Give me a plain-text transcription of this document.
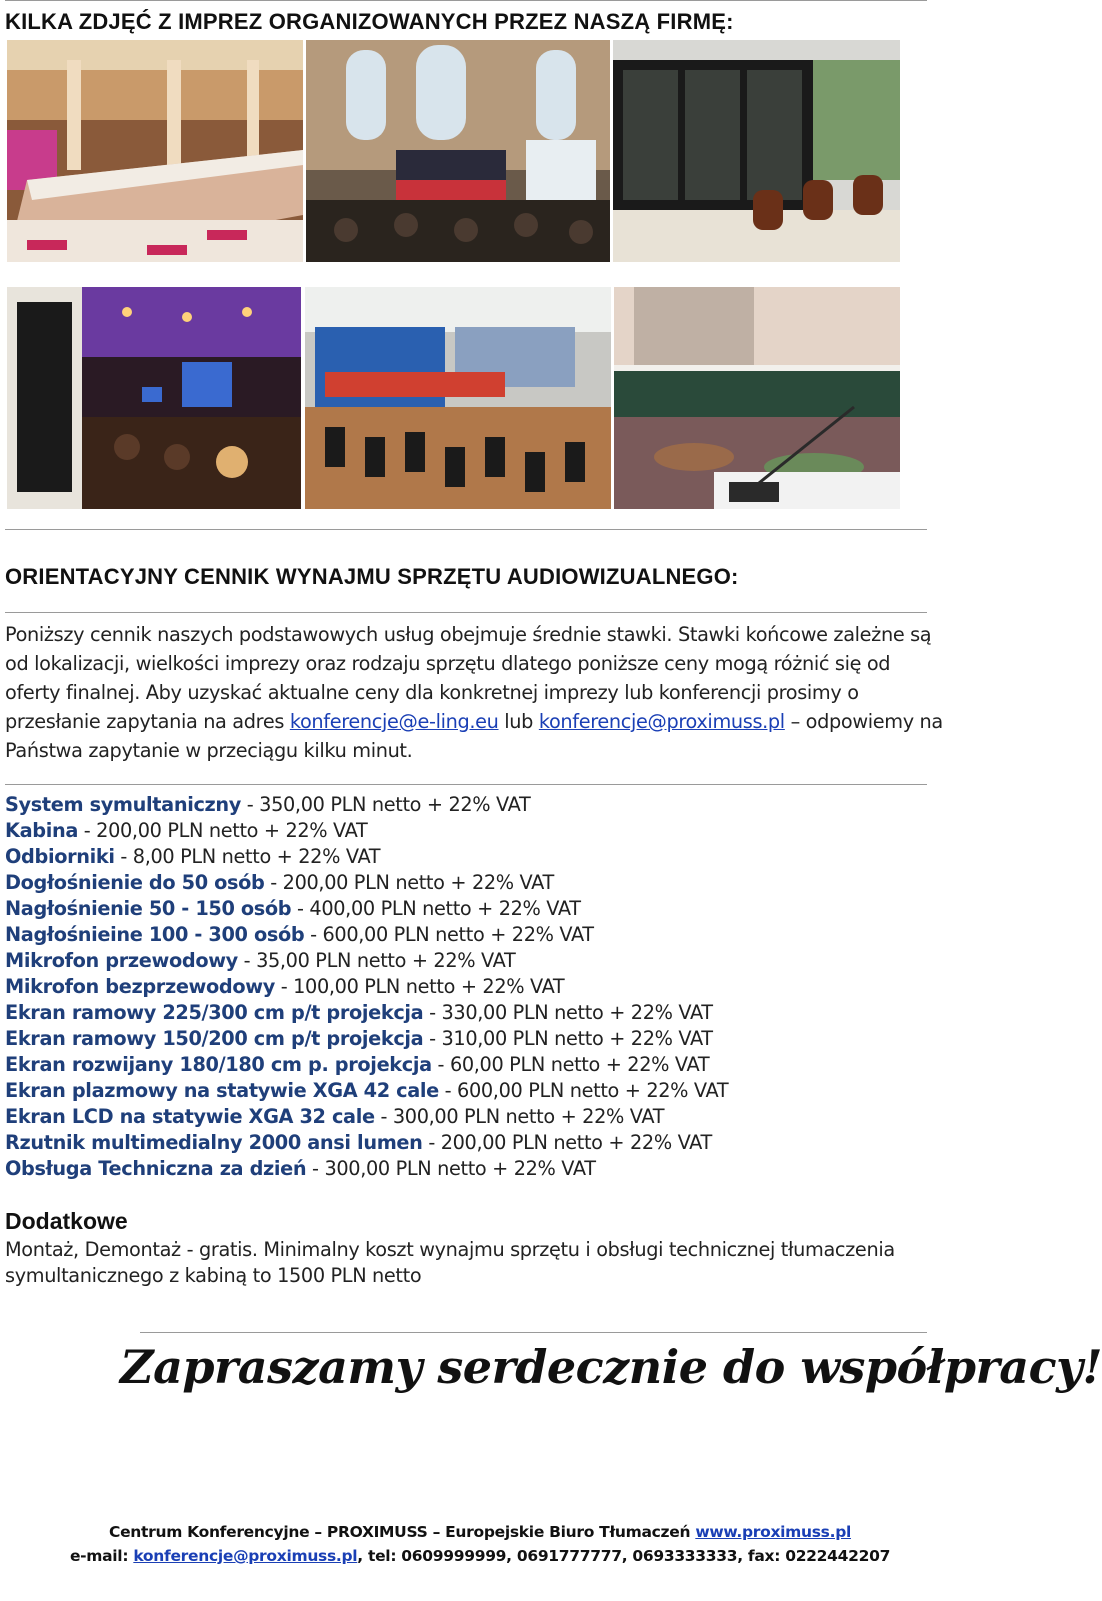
KILKA ZDJĘĆ Z IMPREZ ORGANIZOWANYCH PRZEZ NASZĄ FIRMĘ:
ORIENTACYJNY CENNIK WYNAJMU SPRZĘTU AUDIOWIZUALNEGO:

Poniższy cennik naszych podstawowych usług obejmuje średnie stawki. Stawki końcowe zależne są od lokalizacji, wielkości imprezy oraz rodzaju sprzętu dlatego poniższe ceny mogą różnić się od oferty finalnej. Aby uzyskać aktualne ceny dla konkretnej imprezy lub konferencji prosimy o przesłanie zapytania na adres konferencje@e-ling.eu lub konferencje@proximuss.pl – odpowiemy na Państwa zapytanie w przeciągu kilku minut.

System symultaniczny - 350,00 PLN netto + 22% VAT
Kabina - 200,00 PLN netto + 22% VAT
Odbiorniki - 8,00 PLN netto + 22% VAT
Dogłośnienie do 50 osób - 200,00 PLN netto + 22% VAT
Nagłośnienie 50 - 150 osób - 400,00 PLN netto + 22% VAT
Nagłośnieine 100 - 300 osób - 600,00 PLN netto + 22% VAT
Mikrofon przewodowy - 35,00 PLN netto + 22% VAT
Mikrofon bezprzewodowy - 100,00 PLN netto + 22% VAT
Ekran ramowy 225/300 cm p/t projekcja - 330,00 PLN netto + 22% VAT
Ekran ramowy 150/200 cm p/t projekcja - 310,00 PLN netto + 22% VAT
Ekran rozwijany 180/180 cm p. projekcja - 60,00 PLN netto + 22% VAT
Ekran plazmowy na statywie XGA 42 cale - 600,00 PLN netto + 22% VAT
Ekran LCD na statywie XGA 32 cale - 300,00 PLN netto + 22% VAT
Rzutnik multimedialny 2000 ansi lumen - 200,00 PLN netto + 22% VAT
Obsługa Techniczna za dzień - 300,00 PLN netto + 22% VAT
Dodatkowe
Montaż, Demontaż - gratis. Minimalny koszt wynajmu sprzętu i obsługi technicznej tłumaczenia symultanicznego z kabiną to 1500 PLN netto
Zapraszamy serdecznie do współpracy!
Centrum Konferencyjne – PROXIMUSS – Europejskie Biuro Tłumaczeń www.proximuss.pl
e-mail: konferencje@proximuss.pl, tel: 0609999999, 0691777777, 0693333333, fax: 0222442207
